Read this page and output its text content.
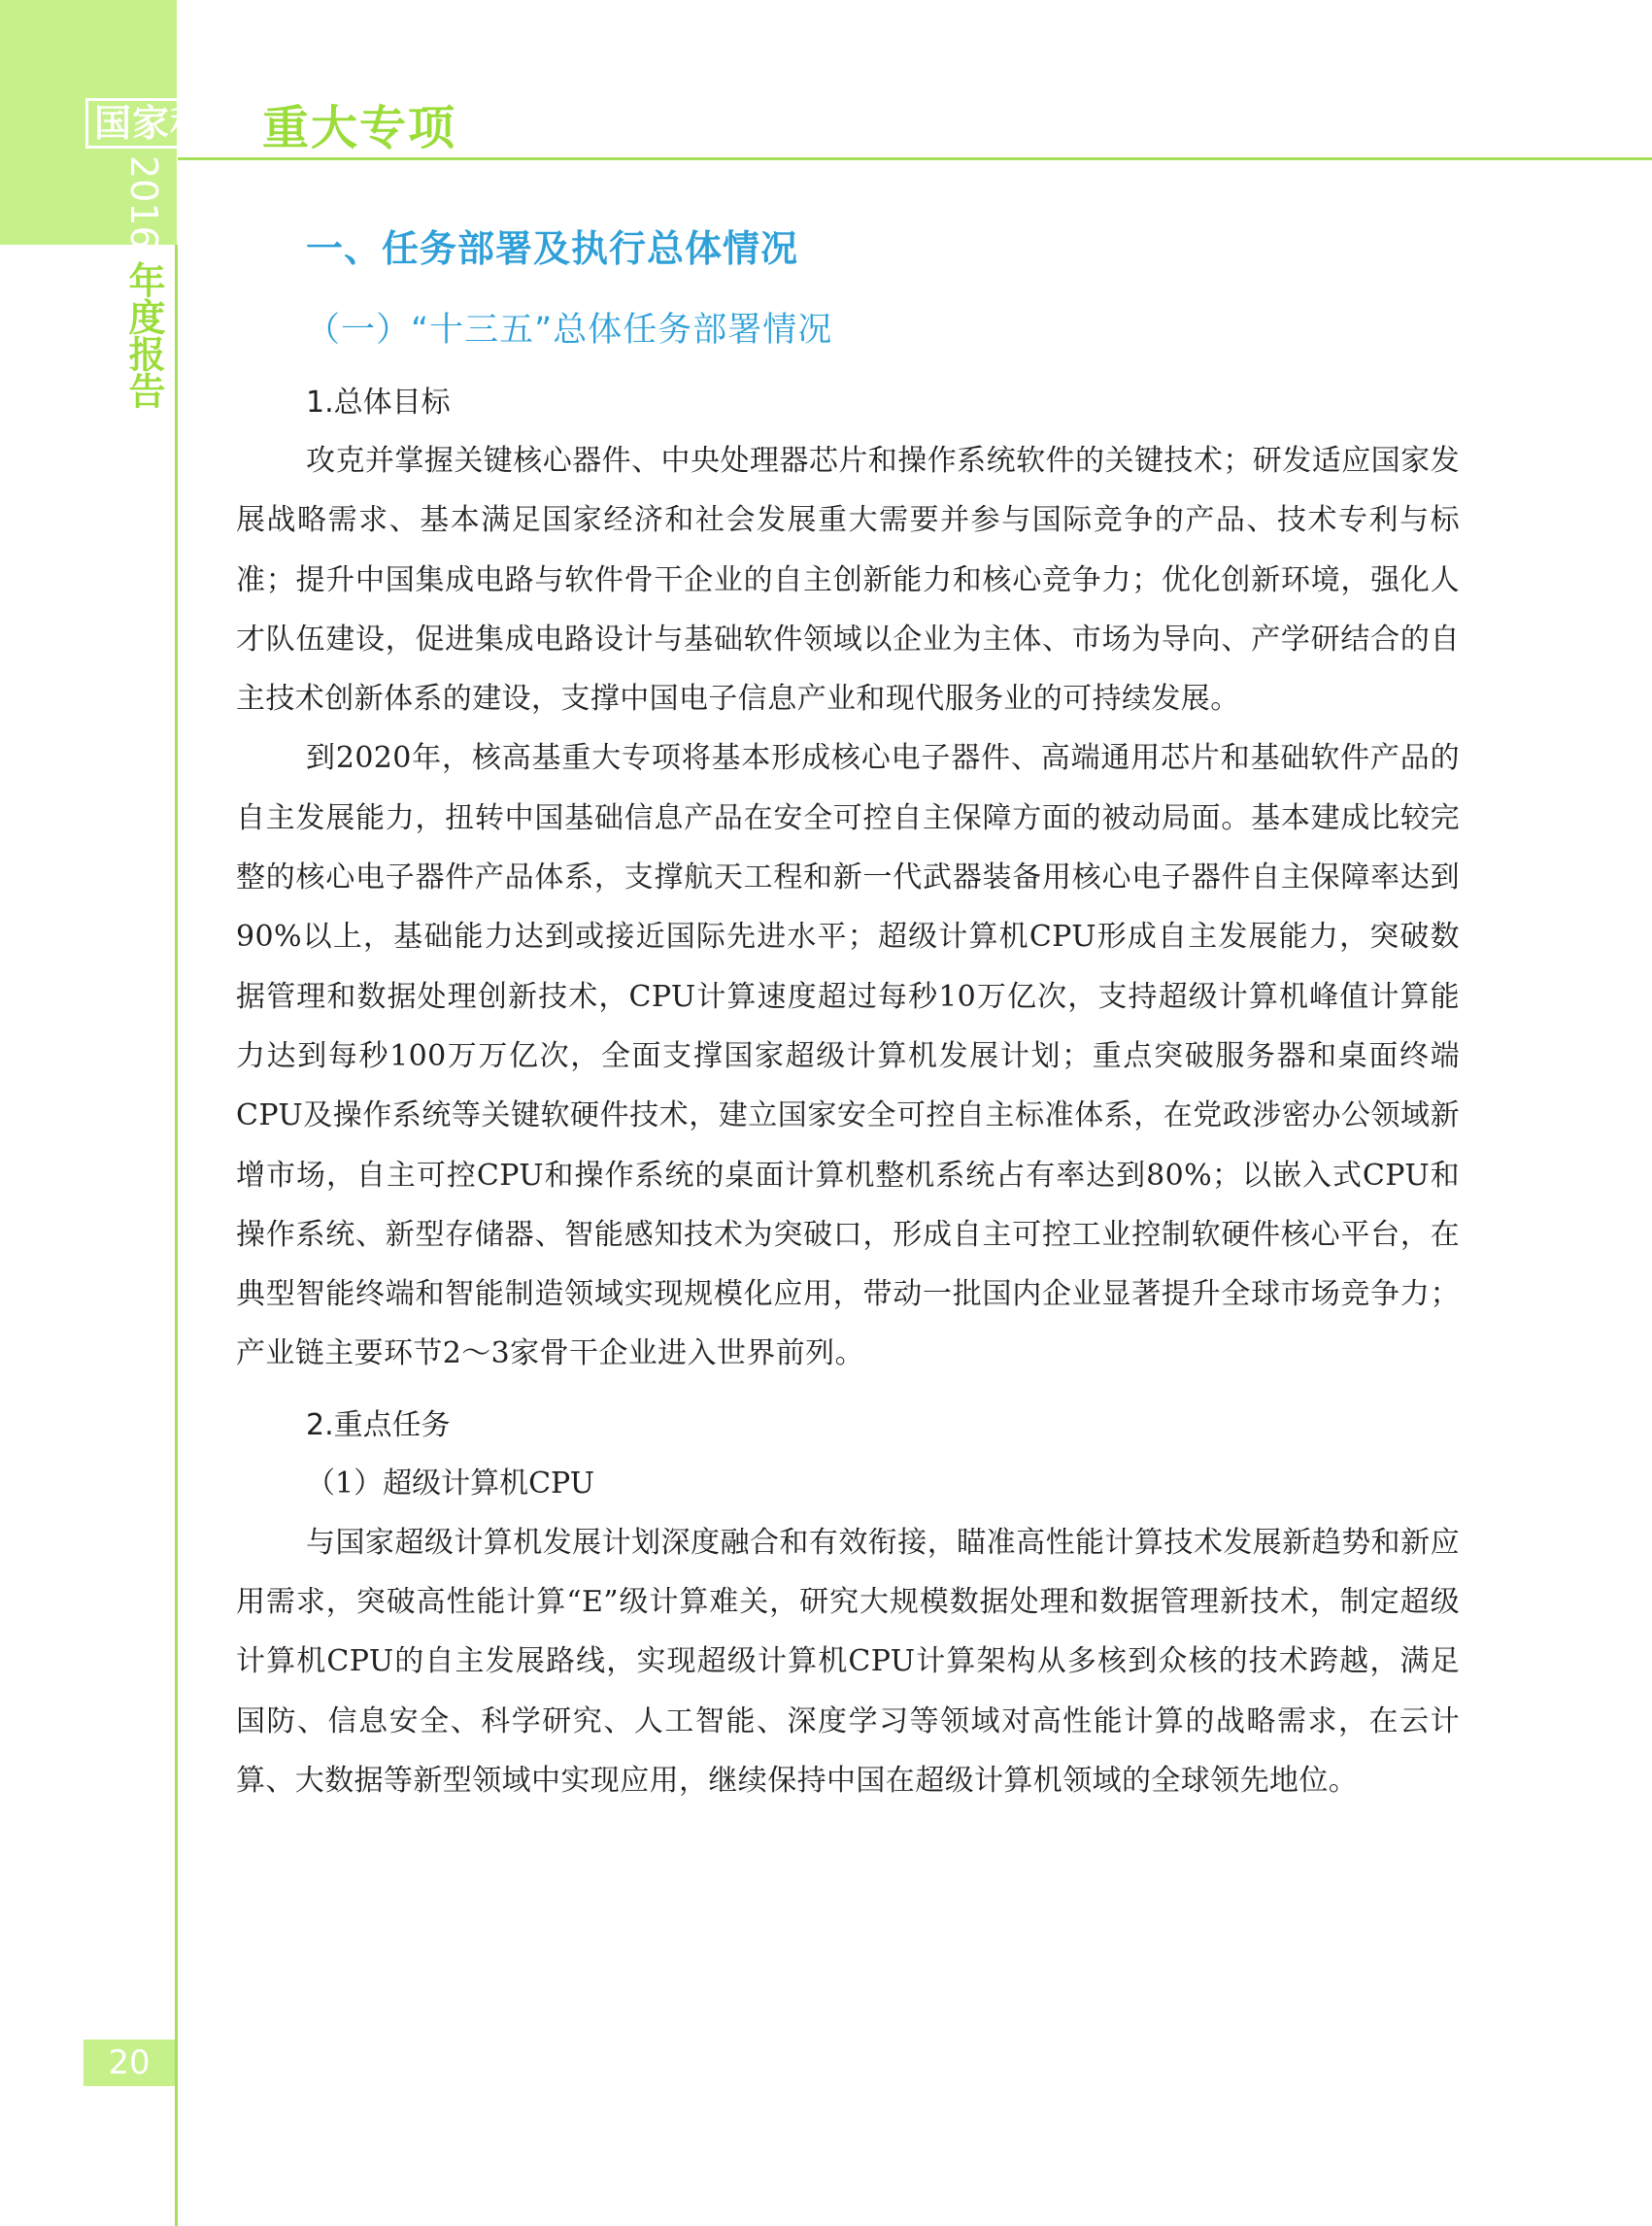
国家科技 重大专项
2016 年度报告
一、任务部署及执行总体情况
（一）“十三五”总体任务部署情况
1.总体目标

攻克并掌握关键核心器件、中央处理器芯片和操作系统软件的关键技术；研发适应国家发展战略需求、基本满足国家经济和社会发展重大需要并参与国际竞争的产品、技术专利与标准；提升中国集成电路与软件骨干企业的自主创新能力和核心竞争力；优化创新环境，强化人才队伍建设，促进集成电路设计与基础软件领域以企业为主体、市场为导向、产学研结合的自主技术创新体系的建设，支撑中国电子信息产业和现代服务业的可持续发展。

到2020年，核高基重大专项将基本形成核心电子器件、高端通用芯片和基础软件产品的自主发展能力，扭转中国基础信息产品在安全可控自主保障方面的被动局面。基本建成比较完整的核心电子器件产品体系，支撑航天工程和新一代武器装备用核心电子器件自主保障率达到90%以上，基础能力达到或接近国际先进水平；超级计算机CPU形成自主发展能力，突破数据管理和数据处理创新技术，CPU计算速度超过每秒10万亿次，支持超级计算机峰值计算能力达到每秒100万万亿次，全面支撑国家超级计算机发展计划；重点突破服务器和桌面终端CPU及操作系统等关键软硬件技术，建立国家安全可控自主标准体系，在党政涉密办公领域新增市场，自主可控CPU和操作系统的桌面计算机整机系统占有率达到80%；以嵌入式CPU和操作系统、新型存储器、智能感知技术为突破口，形成自主可控工业控制软硬件核心平台，在典型智能终端和智能制造领域实现规模化应用，带动一批国内企业显著提升全球市场竞争力；产业链主要环节2～3家骨干企业进入世界前列。

2.重点任务
（1）超级计算机CPU

与国家超级计算机发展计划深度融合和有效衔接，瞄准高性能计算技术发展新趋势和新应用需求，突破高性能计算“E”级计算难关，研究大规模数据处理和数据管理新技术，制定超级计算机CPU的自主发展路线，实现超级计算机CPU计算架构从多核到众核的技术跨越，满足国防、信息安全、科学研究、人工智能、深度学习等领域对高性能计算的战略需求，在云计算、大数据等新型领域中实现应用，继续保持中国在超级计算机领域的全球领先地位。

20
